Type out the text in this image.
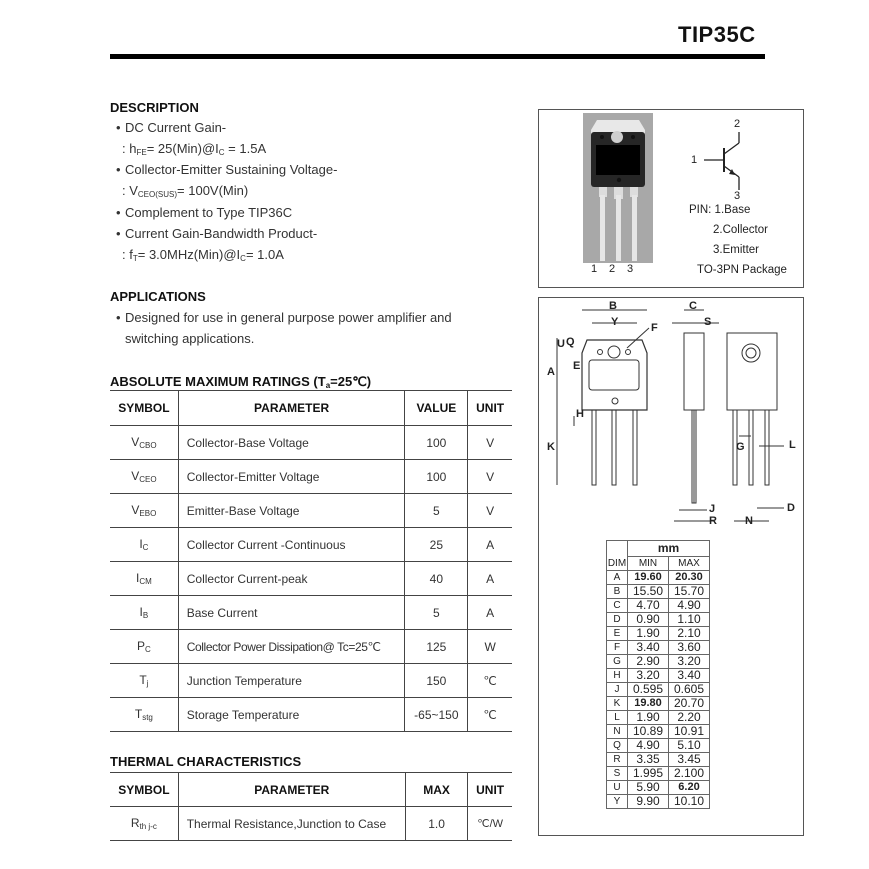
TIP35C
DESCRIPTION
• DC Current Gain-
: $h_{FE}=$ $25(Min)@I_C = 1.5A$
• Collector-Emitter Sustaining Voltage-
: $V_{CEO(SUS)}= 100V(Min)$
• Complement to Type TIP36C
• Current Gain-Bandwidth Product-
: $f_T=$ $3.0MHz(Min)@I_C= 1.0A$
APPLICATIONS
• Designed for use in general purpose power amplifier and
switching applications.
ABSOLUTE MAXIMUM RATINGS $(T_a=25℃)$
SYMBOL	PARAMETER	VALUE	UNIT
$V_{CBO}$	Collector-Base Voltage	100	V
$V_{CEO}$	Collector-Emitter Voltage	100	V
$V_{EBO}$	Emitter-Base Voltage	5	V
$I_C$	Collector Current -Continuous	25	A
$I_{CM}$	Collector Current-peak	40	A
$I_B$	Base Current	5	A
$P_C$	Collector Power Dissipation@ T⁣c=25℃	125	W
$T_j$	Junction Temperature	150	℃
$T_{stg}$	Storage Temperature	-65~150	℃
THERMAL CHARACTERISTICS
SYMBOL	PARAMETER	MAX	UNIT
$R_{th j-c}$	Thermal Resistance,Junction to Case	1.0	℃/W
2
1
3
PIN: 1.Base
2.Collector
3.Emitter
TO-3PN Package
1 2 3
B
Y
C
S
F
U Q
E
A
H
K	G	L
J
R	N
D
	mm	
DIM	MIN	MAX
A	19.60	20.30
B	15.50	15.70
C	4.70	4.90
D	0.90	1.10
E	1.90	2.10
F	3.40	3.60
G	2.90	3.20
H	3.20	3.40
J	0.595	0.605
K	19.80	20.70
L	1.90	2.20
N	10.89	10.91
Q	4.90	5.10
R	3.35	3.45
S	1.995	2.100
U	5.90	6.20
Y	9.90	10.10
